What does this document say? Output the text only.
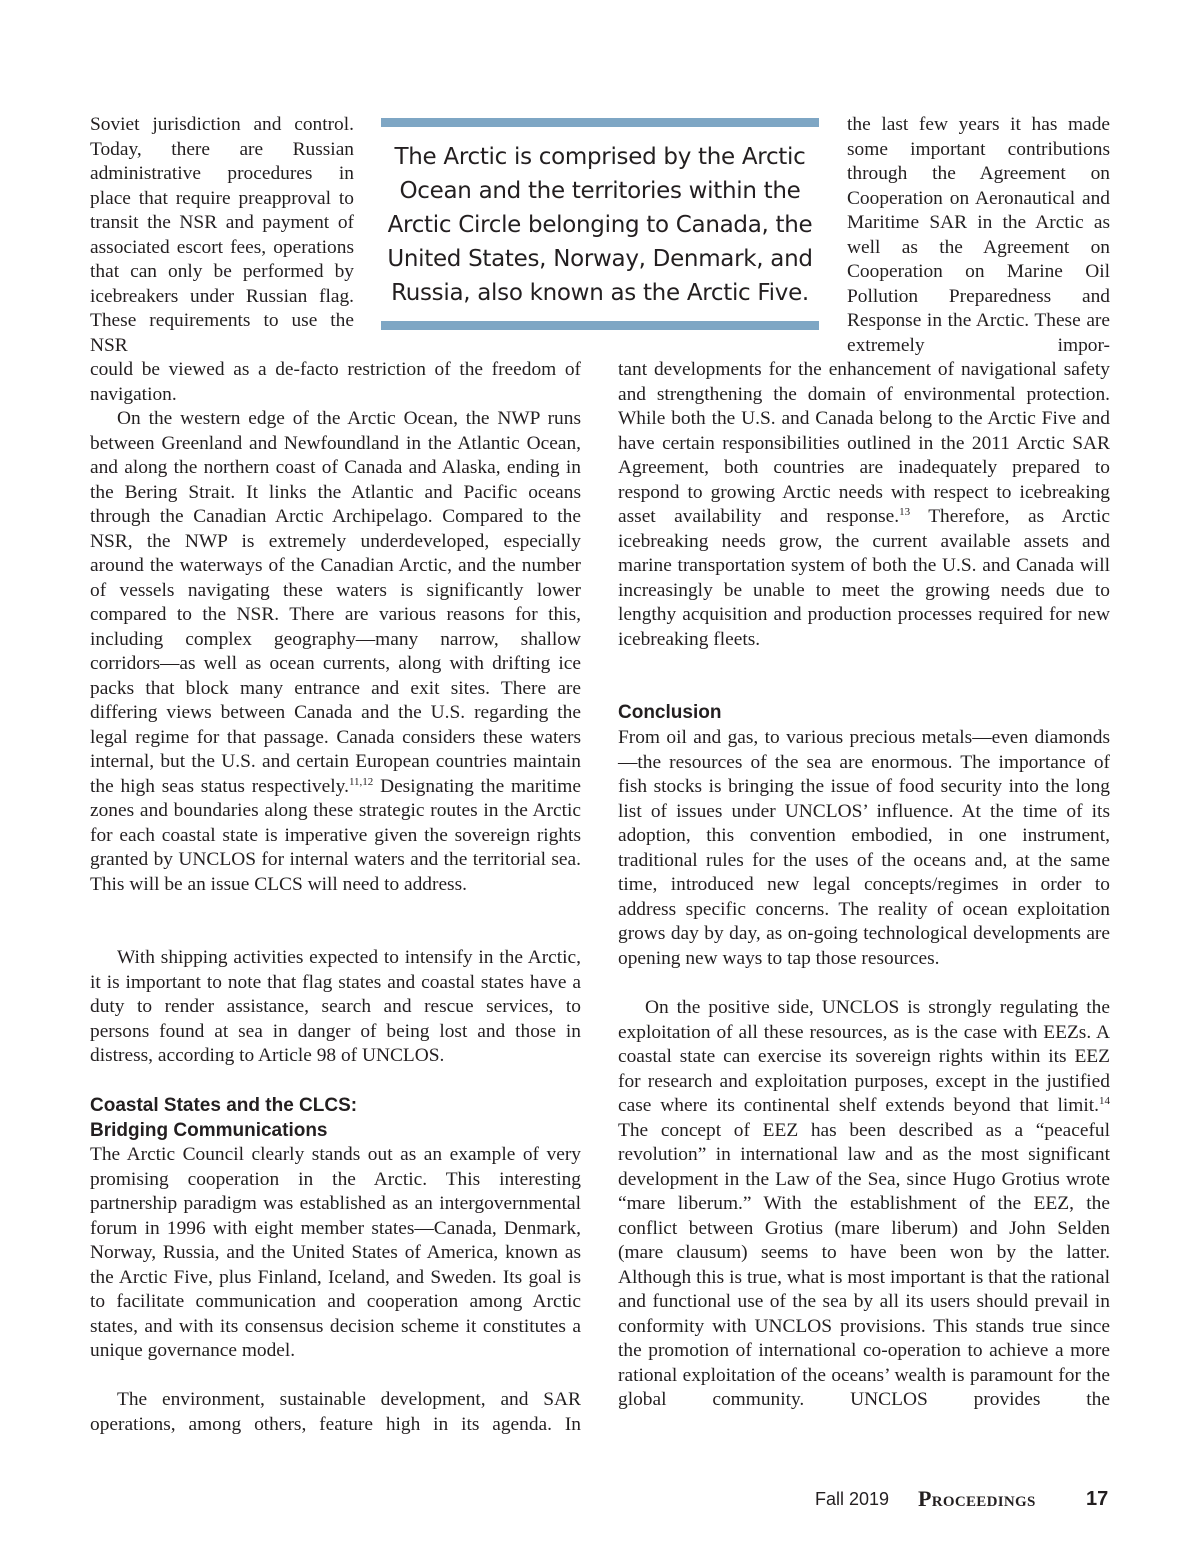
The Arctic is comprised by the Arctic Ocean and the territories within the Arctic Circle belonging to Canada, the United States, Norway, Denmark, and Russia, also known as the Arctic Five.

Soviet jurisdiction and control. Today, there are Russian administrative procedures in place that require preapproval to transit the NSR and payment of associated escort fees, operations that can only be performed by icebreakers under Russian flag. These requirements to use the NSR

could be viewed as a de-facto restriction of the freedom of navigation.

On the western edge of the Arctic Ocean, the NWP runs between Greenland and Newfoundland in the Atlantic Ocean, and along the northern coast of Canada and Alaska, ending in the Bering Strait. It links the Atlantic and Pacific oceans through the Canadian Arctic Archipelago. Compared to the NSR, the NWP is extremely underdeveloped, especially around the waterways of the Canadian Arctic, and the number of vessels navigating these waters is significantly lower compared to the NSR. There are various reasons for this, including complex geography—many narrow, shallow corridors—as well as ocean currents, along with drifting ice packs that block many entrance and exit sites. There are differing views between Canada and the U.S. regarding the legal regime for that passage. Canada considers these waters internal, but the U.S. and certain European countries maintain the high seas status respectively.$^{11,12}$ Designating the maritime zones and boundaries along these strategic routes in the Arctic for each coastal state is imperative given the sovereign rights granted by UNCLOS for internal waters and the territorial sea. This will be an issue CLCS will need to address.

With shipping activities expected to intensify in the Arctic, it is important to note that flag states and coastal states have a duty to render assistance, search and rescue services, to persons found at sea in danger of being lost and those in distress, according to Article 98 of UNCLOS.

Coastal States and the CLCS:
Bridging Communications

The Arctic Council clearly stands out as an example of very promising cooperation in the Arctic. This interesting partnership paradigm was established as an intergovernmental forum in 1996 with eight member states—Canada, Denmark, Norway, Russia, and the United States of America, known as the Arctic Five, plus Finland, Iceland, and Sweden. Its goal is to facilitate communication and cooperation among Arctic states, and with its consensus decision scheme it constitutes a unique governance model.

The environment, sustainable development, and SAR operations, among others, feature high in its agenda. In

the last few years it has made some important contributions through the Agreement on Cooperation on Aeronautical and Maritime SAR in the Arctic as well as the Agreement on Cooperation on Marine Oil Pollution Preparedness and Response in the Arctic. These are extremely impor-

tant developments for the enhancement of navigational safety and strengthening the domain of environmental protection. While both the U.S. and Canada belong to the Arctic Five and have certain responsibilities outlined in the 2011 Arctic SAR Agreement, both countries are inadequately prepared to respond to growing Arctic needs with respect to icebreaking asset availability and response.$^{13}$ Therefore, as Arctic icebreaking needs grow, the current available assets and marine transportation system of both the U.S. and Canada will increasingly be unable to meet the growing needs due to lengthy acquisition and production processes required for new icebreaking fleets.

Conclusion

From oil and gas, to various precious metals—even diamonds—the resources of the sea are enormous. The importance of fish stocks is bringing the issue of food security into the long list of issues under UNCLOS’ influence. At the time of its adoption, this convention embodied, in one instrument, traditional rules for the uses of the oceans and, at the same time, introduced new legal concepts/regimes in order to address specific concerns. The reality of ocean exploitation grows day by day, as on-going technological developments are opening new ways to tap those resources.

On the positive side, UNCLOS is strongly regulating the exploitation of all these resources, as is the case with EEZs. A coastal state can exercise its sovereign rights within its EEZ for research and exploitation purposes, except in the justified case where its continental shelf extends beyond that limit.$^{14}$ The concept of EEZ has been described as a “peaceful revolution” in international law and as the most significant development in the Law of the Sea, since Hugo Grotius wrote “mare liberum.” With the establishment of the EEZ, the conflict between Grotius (mare liberum) and John Selden (mare clausum) seems to have been won by the latter. Although this is true, what is most important is that the rational and functional use of the sea by all its users should prevail in conformity with UNCLOS provisions. This stands true since the promotion of international co-operation to achieve a more rational exploitation of the oceans’ wealth is paramount for the global community. UNCLOS provides the

Fall 2019 Proceedings	17
